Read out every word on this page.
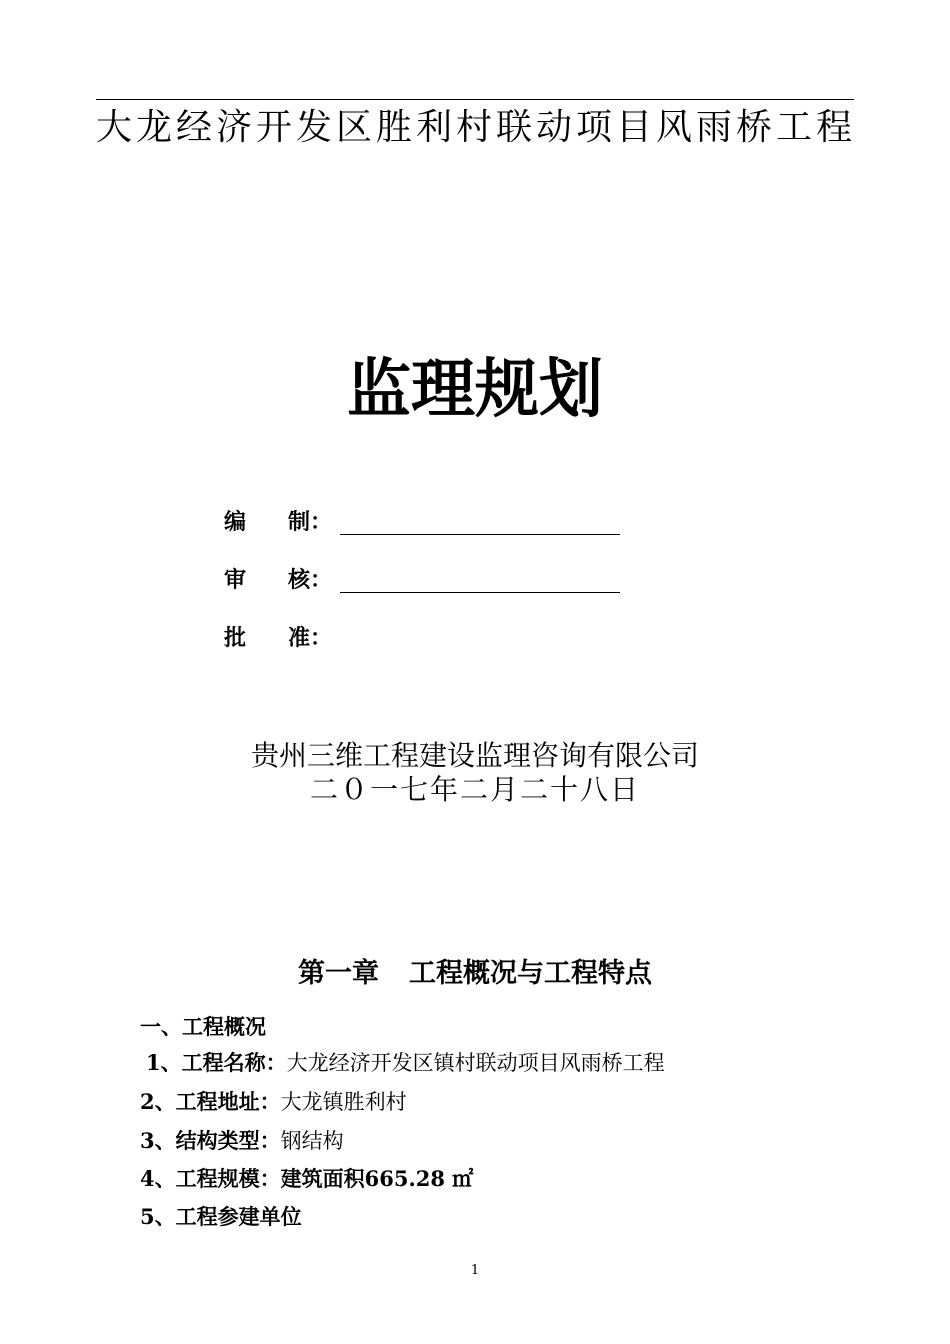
大龙经济开发区胜利村联动项目风雨桥工程
监理规划
编 制：
审 核：
批 准：
贵州三维工程建设监理咨询有限公司
二０一七年二月二十八日
第一章 工程概况与工程特点
一、工程概况
1、工程名称：大龙经济开发区镇村联动项目风雨桥工程
2、工程地址：大龙镇胜利村
3、结构类型：钢结构
4、工程规模：建筑面积665.28 ㎡
5、工程参建单位
1
